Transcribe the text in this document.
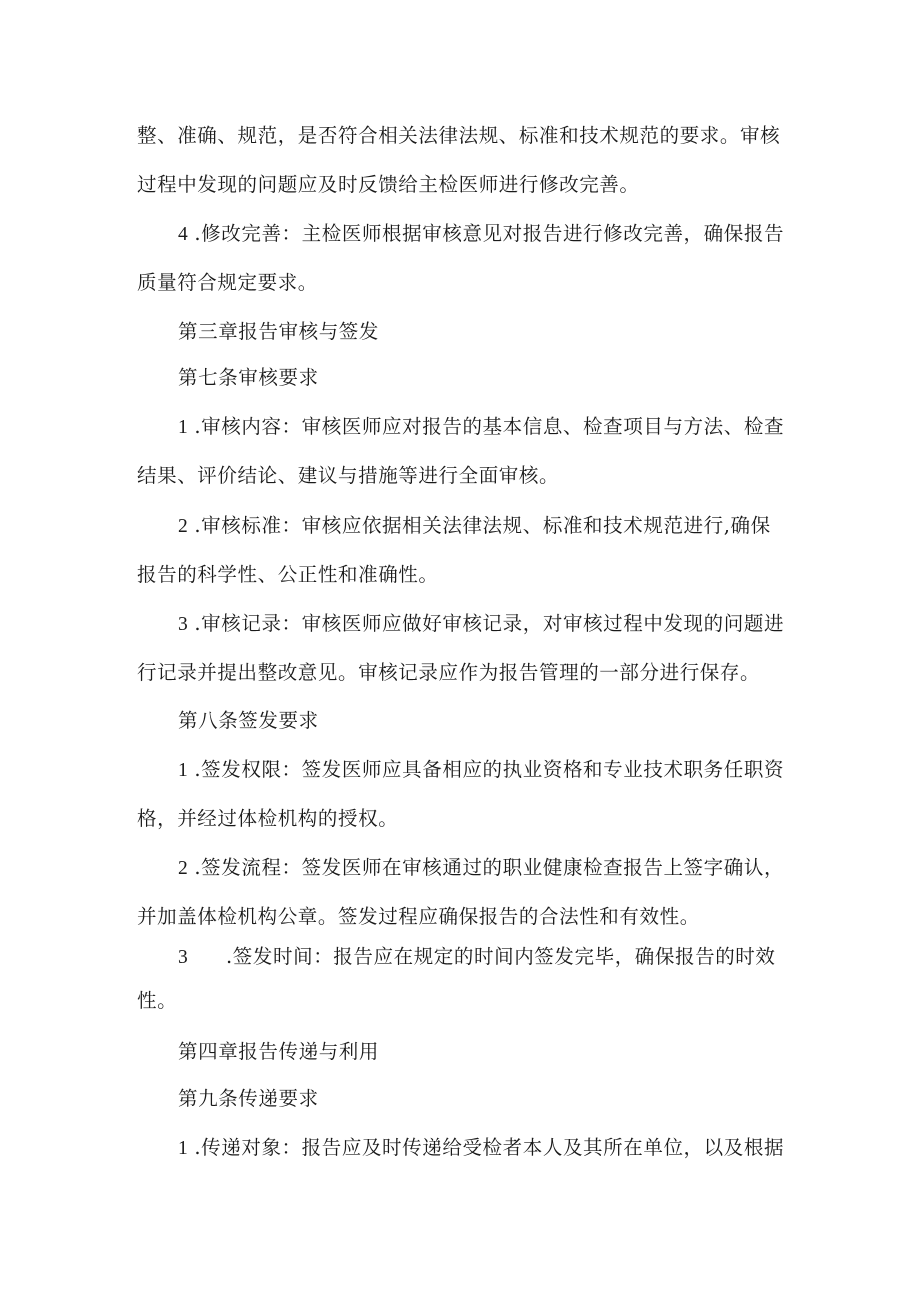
整、准确、规范，是否符合相关法律法规、标准和技术规范的要求。审核
过程中发现的问题应及时反馈给主检医师进行修改完善。
4 .修改完善：主检医师根据审核意见对报告进行修改完善，确保报告
质量符合规定要求。
第三章报告审核与签发
第七条审核要求
1 .审核内容：审核医师应对报告的基本信息、检查项目与方法、检查
结果、评价结论、建议与措施等进行全面审核。
2 .审核标准：审核应依据相关法律法规、标准和技术规范进行,确保
报告的科学性、公正性和准确性。
3 .审核记录：审核医师应做好审核记录，对审核过程中发现的问题进
行记录并提出整改意见。审核记录应作为报告管理的一部分进行保存。
第八条签发要求
1 .签发权限：签发医师应具备相应的执业资格和专业技术职务任职资
格，并经过体检机构的授权。
2 .签发流程：签发医师在审核通过的职业健康检查报告上签字确认，
并加盖体检机构公章。签发过程应确保报告的合法性和有效性。
3 .签发时间：报告应在规定的时间内签发完毕，确保报告的时效
性。
第四章报告传递与利用
第九条传递要求
1 .传递对象：报告应及时传递给受检者本人及其所在单位，以及根据
